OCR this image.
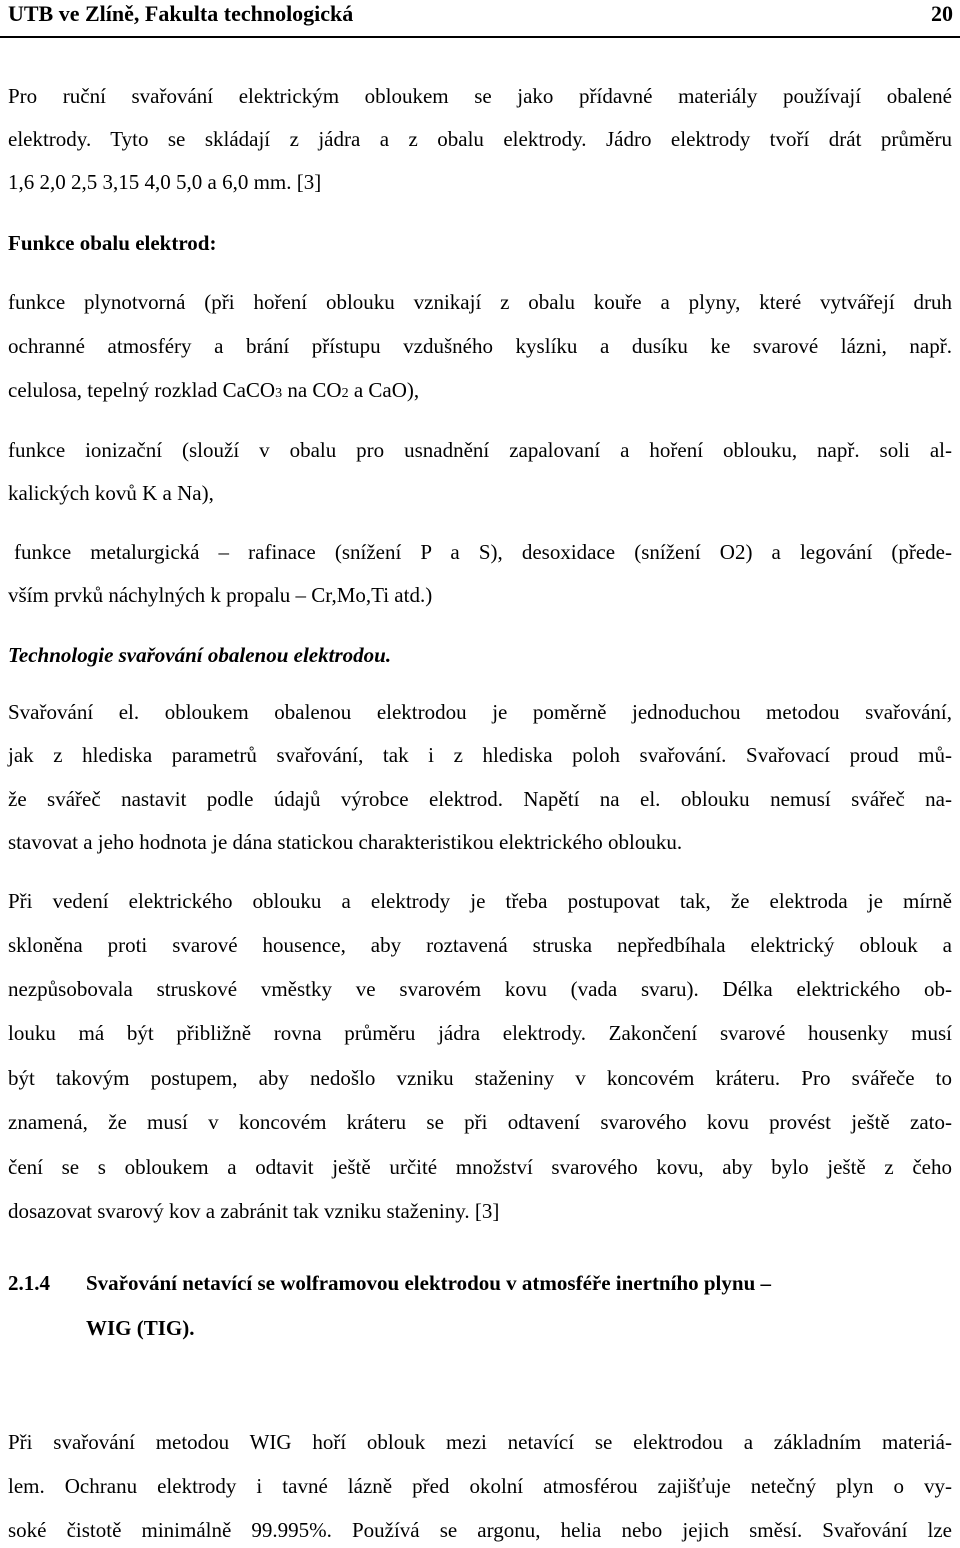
UTB ve Zlíně, Fakulta technologická	20
Pro ruční svařování elektrickým obloukem se jako přídavné materiály používají obalené
elektrody. Tyto se skládají z jádra a z obalu elektrody. Jádro elektrody tvoří drát průměru
1,6 2,0 2,5 3,15 4,0 5,0 a 6,0 mm. [3]
Funkce obalu elektrod:
funkce plynotvorná (při hoření oblouku vznikají z obalu kouře a plyny, které vytvářejí druh
ochranné atmosféry a brání přístupu vzdušného kyslíku a dusíku ke svarové lázni, např.
celulosa, tepelný rozklad CaCO3 na CO2 a CaO),
funkce ionizační (slouží v obalu pro usnadnění zapalovaní a hoření oblouku, např. soli al-
kalických kovů K a Na),
funkce metalurgická – rafinace (snížení P a S), desoxidace (snížení O2) a legování (přede-
vším prvků náchylných k propalu – Cr,Mo,Ti atd.)
Technologie svařování obalenou elektrodou.
Svařování el. obloukem obalenou elektrodou je poměrně jednoduchou metodou svařování,
jak z hlediska parametrů svařování, tak i z hlediska poloh svařování. Svařovací proud mů-
že svářeč nastavit podle údajů výrobce elektrod. Napětí na el. oblouku nemusí svářeč na-
stavovat a jeho hodnota je dána statickou charakteristikou elektrického oblouku.
Při vedení elektrického oblouku a elektrody je třeba postupovat tak, že elektroda je mírně
skloněna proti svarové housence, aby roztavená struska nepředbíhala elektrický oblouk a
nezpůsobovala struskové vměstky ve svarovém kovu (vada svaru). Délka elektrického ob-
louku má být přibližně rovna průměru jádra elektrody. Zakončení svarové housenky musí
být takovým postupem, aby nedošlo vzniku staženiny v koncovém kráteru. Pro svářeče to
znamená, že musí v koncovém kráteru se při odtavení svarového kovu provést ještě zato-
čení se s obloukem a odtavit ještě určité množství svarového kovu, aby bylo ještě z čeho
dosazovat svarový kov a zabránit tak vzniku staženiny. [3]
2.1.4 Svařování netavící se wolframovou elektrodou v atmosféře inertního plynu –
WIG (TIG).
Při svařování metodou WIG hoří oblouk mezi netavící se elektrodou a základním materiá-
lem. Ochranu elektrody i tavné lázně před okolní atmosférou zajišťuje netečný plyn o vy-
soké čistotě minimálně 99.995%. Používá se argonu, helia nebo jejich směsí. Svařování lze
